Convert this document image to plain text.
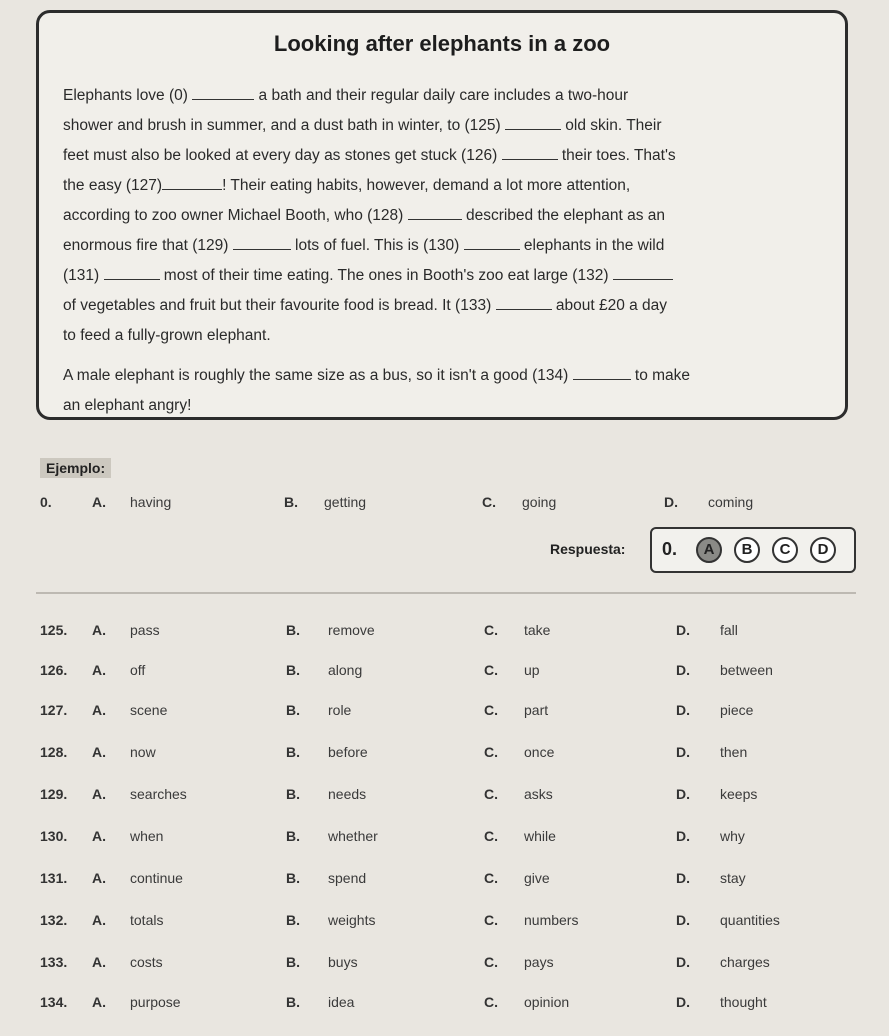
Looking after elephants in a zoo
Elephants love (0)	a bath and their regular daily care includes a two-hour
shower and brush in summer, and a dust bath in winter, to (125)	old skin. Their
feet must also be looked at every day as stones get stuck (126)	their toes. That's
the easy (127)	! Their eating habits, however, demand a lot more attention,
according to zoo owner Michael Booth, who (128)	described the elephant as an
enormous fire that (129)	lots of fuel. This is (130)	elephants in the wild
(131)	most of their time eating. The ones in Booth's zoo eat large (132)
of vegetables and fruit but their favourite food is bread. It (133)	about £20 a day
to feed a fully-grown elephant.
A male elephant is roughly the same size as a bus, so it isn't a good (134)	to make
an elephant angry!
Ejemplo:
0.	A. having	B. getting	C. going	D. coming
Respuesta: 0.	A	B	C	D
125. A. pass	B. remove	C. take	D. fall
126. A. off	B. along	C. up	D. between
127. A. scene	B. role	C. part	D. piece
128. A. now	B. before	C. once	D. then
129. A. searches	B. needs	C. asks	D. keeps
130. A. when	B. whether	C. while	D. why
131. A. continue	B. spend	C. give	D. stay
132. A. totals	B. weights	C. numbers	D. quantities
133. A. costs	B. buys	C. pays	D. charges
134. A. purpose	B. idea	C. opinion	D. thought
